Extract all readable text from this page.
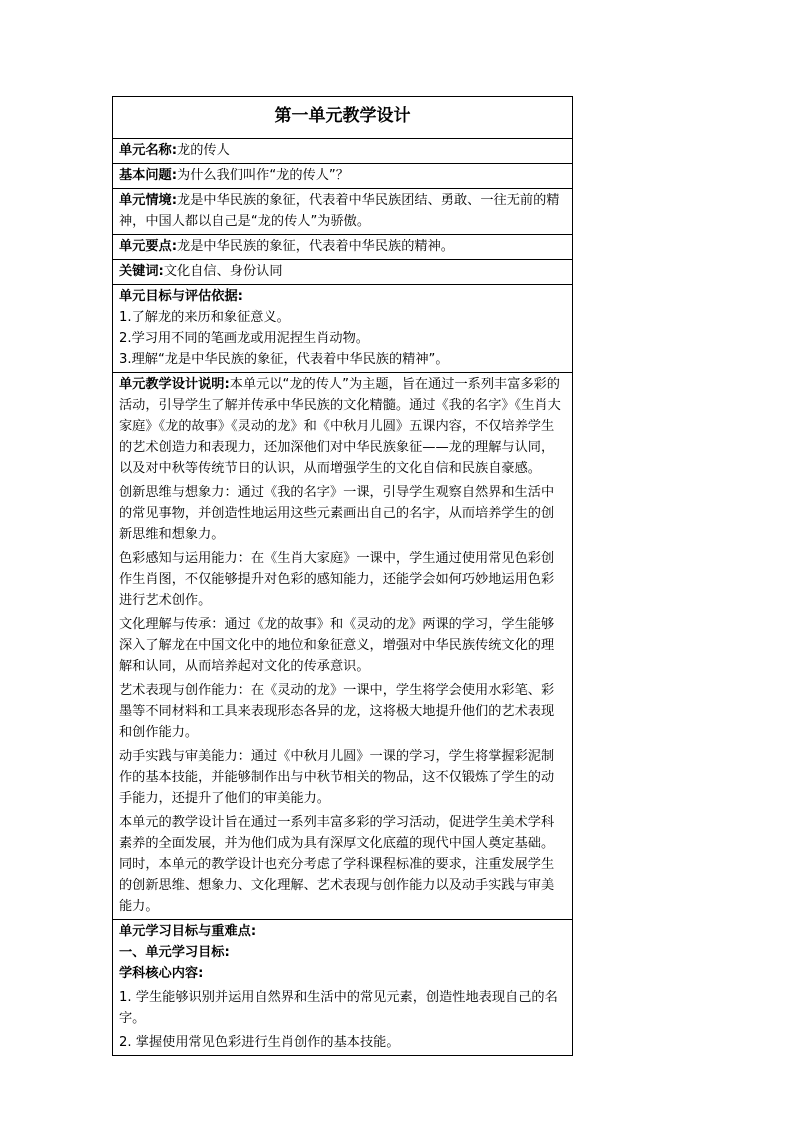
第一单元教学设计
单元名称:龙的传人
基本问题:为什么我们叫作“龙的传人”？
单元情境:龙是中华民族的象征，代表着中华民族团结、勇敢、一往无前的精神，中国人都以自己是“龙的传人”为骄傲。
单元要点:龙是中华民族的象征，代表着中华民族的精神。
关键词:文化自信、身份认同

单元目标与评估依据:

1.了解龙的来历和象征意义。

2.学习用不同的笔画龙或用泥捏生肖动物。

3.理解“龙是中华民族的象征，代表着中华民族的精神”。

单元教学设计说明:本单元以“龙的传人”为主题，旨在通过一系列丰富多彩的活动，引导学生了解并传承中华民族的文化精髓。通过《我的名字》《生肖大家庭》《龙的故事》《灵动的龙》和《中秋月儿圆》五课内容，不仅培养学生的艺术创造力和表现力，还加深他们对中华民族象征——龙的理解与认同，以及对中秋等传统节日的认识，从而增强学生的文化自信和民族自豪感。

创新思维与想象力：通过《我的名字》一课，引导学生观察自然界和生活中的常见事物，并创造性地运用这些元素画出自己的名字，从而培养学生的创新思维和想象力。

色彩感知与运用能力：在《生肖大家庭》一课中，学生通过使用常见色彩创作生肖图，不仅能够提升对色彩的感知能力，还能学会如何巧妙地运用色彩进行艺术创作。

文化理解与传承：通过《龙的故事》和《灵动的龙》两课的学习，学生能够深入了解龙在中国文化中的地位和象征意义，增强对中华民族传统文化的理解和认同，从而培养起对文化的传承意识。

艺术表现与创作能力：在《灵动的龙》一课中，学生将学会使用水彩笔、彩墨等不同材料和工具来表现形态各异的龙，这将极大地提升他们的艺术表现和创作能力。

动手实践与审美能力：通过《中秋月儿圆》一课的学习，学生将掌握彩泥制作的基本技能，并能够制作出与中秋节相关的物品，这不仅锻炼了学生的动手能力，还提升了他们的审美能力。

本单元的教学设计旨在通过一系列丰富多彩的学习活动，促进学生美术学科素养的全面发展，并为他们成为具有深厚文化底蕴的现代中国人奠定基础。同时，本单元的教学设计也充分考虑了学科课程标准的要求，注重发展学生的创新思维、想象力、文化理解、艺术表现与创作能力以及动手实践与审美能力。

单元学习目标与重难点:

一、单元学习目标:

学科核心内容:

1. 学生能够识别并运用自然界和生活中的常见元素，创造性地表现自己的名字。

2. 掌握使用常见色彩进行生肖创作的基本技能。
